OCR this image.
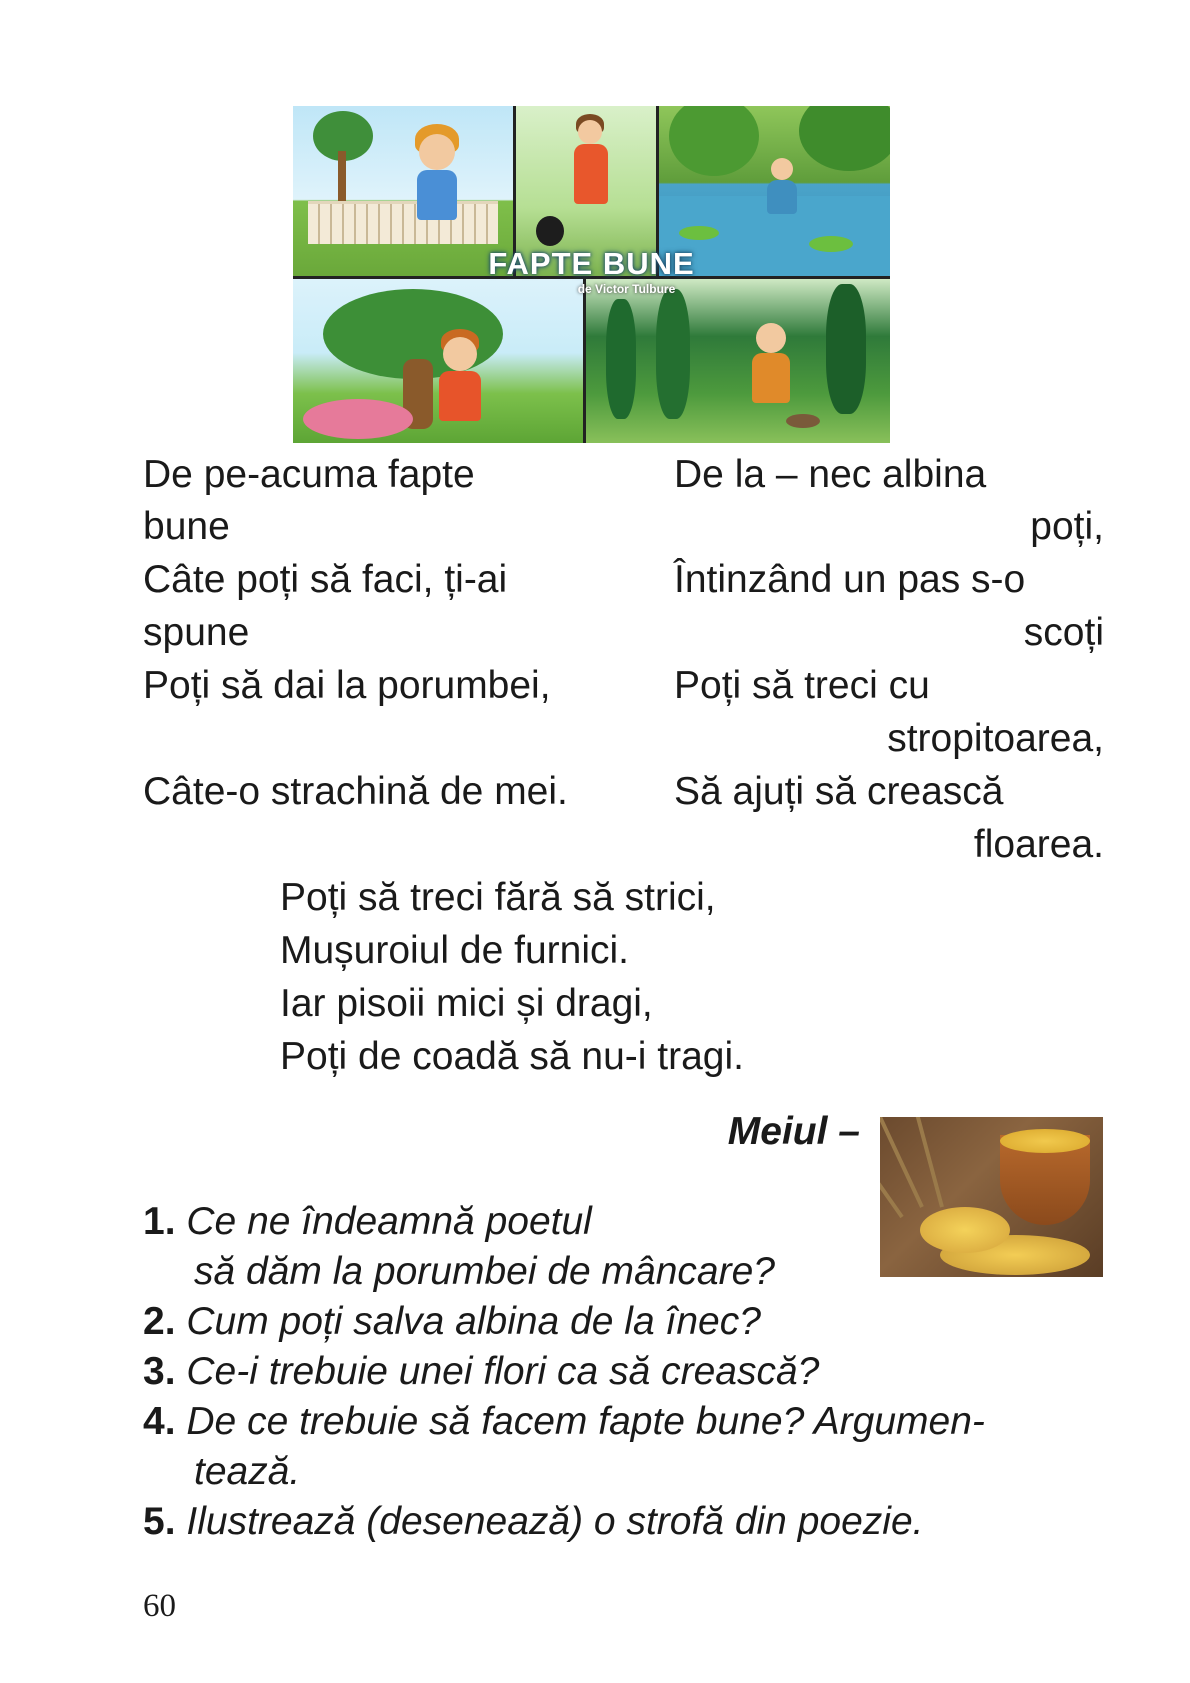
FAPTE BUNE
de Victor Tulbure
De pe-acuma fapte
bune
Câte poți să faci, ți-ai
spune
Poți să dai la porumbei,
Câte-o strachină de mei.
De la – nec albina
poți,
Întinzând un pas s-o
scoți
Poți să treci cu
stropitoarea,
Să ajuți să crească
floarea.
Poți să treci fără să strici,
Mușuroiul de furnici.
Iar pisoii mici și dragi,
Poți de coadă să nu-i tragi.
Meiul –
1. Ce ne îndeamnă poetul
să dăm la porumbei de mâncare?
2. Cum poți salva albina de la înec?
3. Ce-i trebuie unei flori ca să crească?
4. De ce trebuie să facem fapte bune? Argumen-
tează.
5. Ilustrează (desenează) o strofă din poezie.
60
